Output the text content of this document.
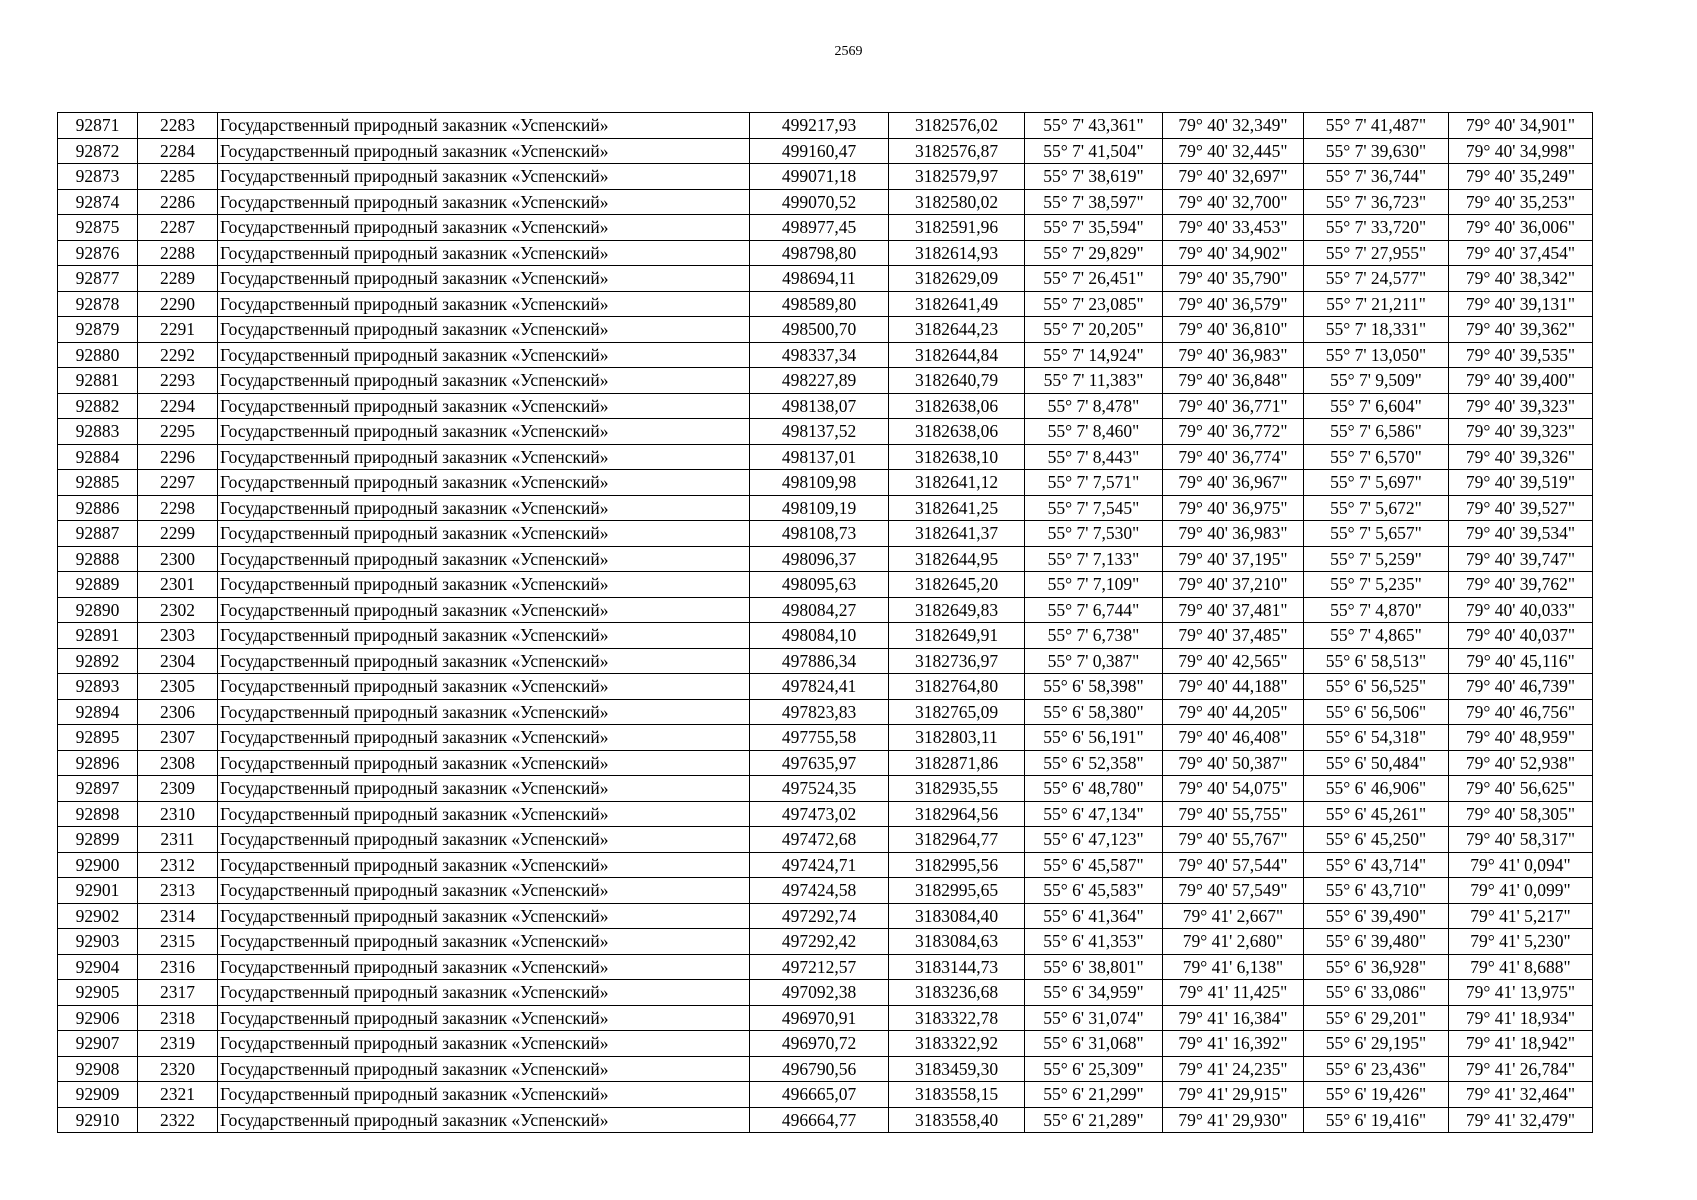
2569
92871	2283	Государственный природный заказник «Успенский»	499217,93	3182576,02	55° 7' 43,361"	79° 40' 32,349"	55° 7' 41,487"	79° 40' 34,901"
92872	2284	Государственный природный заказник «Успенский»	499160,47	3182576,87	55° 7' 41,504"	79° 40' 32,445"	55° 7' 39,630"	79° 40' 34,998"
92873	2285	Государственный природный заказник «Успенский»	499071,18	3182579,97	55° 7' 38,619"	79° 40' 32,697"	55° 7' 36,744"	79° 40' 35,249"
92874	2286	Государственный природный заказник «Успенский»	499070,52	3182580,02	55° 7' 38,597"	79° 40' 32,700"	55° 7' 36,723"	79° 40' 35,253"
92875	2287	Государственный природный заказник «Успенский»	498977,45	3182591,96	55° 7' 35,594"	79° 40' 33,453"	55° 7' 33,720"	79° 40' 36,006"
92876	2288	Государственный природный заказник «Успенский»	498798,80	3182614,93	55° 7' 29,829"	79° 40' 34,902"	55° 7' 27,955"	79° 40' 37,454"
92877	2289	Государственный природный заказник «Успенский»	498694,11	3182629,09	55° 7' 26,451"	79° 40' 35,790"	55° 7' 24,577"	79° 40' 38,342"
92878	2290	Государственный природный заказник «Успенский»	498589,80	3182641,49	55° 7' 23,085"	79° 40' 36,579"	55° 7' 21,211"	79° 40' 39,131"
92879	2291	Государственный природный заказник «Успенский»	498500,70	3182644,23	55° 7' 20,205"	79° 40' 36,810"	55° 7' 18,331"	79° 40' 39,362"
92880	2292	Государственный природный заказник «Успенский»	498337,34	3182644,84	55° 7' 14,924"	79° 40' 36,983"	55° 7' 13,050"	79° 40' 39,535"
92881	2293	Государственный природный заказник «Успенский»	498227,89	3182640,79	55° 7' 11,383"	79° 40' 36,848"	55° 7' 9,509"	79° 40' 39,400"
92882	2294	Государственный природный заказник «Успенский»	498138,07	3182638,06	55° 7' 8,478"	79° 40' 36,771"	55° 7' 6,604"	79° 40' 39,323"
92883	2295	Государственный природный заказник «Успенский»	498137,52	3182638,06	55° 7' 8,460"	79° 40' 36,772"	55° 7' 6,586"	79° 40' 39,323"
92884	2296	Государственный природный заказник «Успенский»	498137,01	3182638,10	55° 7' 8,443"	79° 40' 36,774"	55° 7' 6,570"	79° 40' 39,326"
92885	2297	Государственный природный заказник «Успенский»	498109,98	3182641,12	55° 7' 7,571"	79° 40' 36,967"	55° 7' 5,697"	79° 40' 39,519"
92886	2298	Государственный природный заказник «Успенский»	498109,19	3182641,25	55° 7' 7,545"	79° 40' 36,975"	55° 7' 5,672"	79° 40' 39,527"
92887	2299	Государственный природный заказник «Успенский»	498108,73	3182641,37	55° 7' 7,530"	79° 40' 36,983"	55° 7' 5,657"	79° 40' 39,534"
92888	2300	Государственный природный заказник «Успенский»	498096,37	3182644,95	55° 7' 7,133"	79° 40' 37,195"	55° 7' 5,259"	79° 40' 39,747"
92889	2301	Государственный природный заказник «Успенский»	498095,63	3182645,20	55° 7' 7,109"	79° 40' 37,210"	55° 7' 5,235"	79° 40' 39,762"
92890	2302	Государственный природный заказник «Успенский»	498084,27	3182649,83	55° 7' 6,744"	79° 40' 37,481"	55° 7' 4,870"	79° 40' 40,033"
92891	2303	Государственный природный заказник «Успенский»	498084,10	3182649,91	55° 7' 6,738"	79° 40' 37,485"	55° 7' 4,865"	79° 40' 40,037"
92892	2304	Государственный природный заказник «Успенский»	497886,34	3182736,97	55° 7' 0,387"	79° 40' 42,565"	55° 6' 58,513"	79° 40' 45,116"
92893	2305	Государственный природный заказник «Успенский»	497824,41	3182764,80	55° 6' 58,398"	79° 40' 44,188"	55° 6' 56,525"	79° 40' 46,739"
92894	2306	Государственный природный заказник «Успенский»	497823,83	3182765,09	55° 6' 58,380"	79° 40' 44,205"	55° 6' 56,506"	79° 40' 46,756"
92895	2307	Государственный природный заказник «Успенский»	497755,58	3182803,11	55° 6' 56,191"	79° 40' 46,408"	55° 6' 54,318"	79° 40' 48,959"
92896	2308	Государственный природный заказник «Успенский»	497635,97	3182871,86	55° 6' 52,358"	79° 40' 50,387"	55° 6' 50,484"	79° 40' 52,938"
92897	2309	Государственный природный заказник «Успенский»	497524,35	3182935,55	55° 6' 48,780"	79° 40' 54,075"	55° 6' 46,906"	79° 40' 56,625"
92898	2310	Государственный природный заказник «Успенский»	497473,02	3182964,56	55° 6' 47,134"	79° 40' 55,755"	55° 6' 45,261"	79° 40' 58,305"
92899	2311	Государственный природный заказник «Успенский»	497472,68	3182964,77	55° 6' 47,123"	79° 40' 55,767"	55° 6' 45,250"	79° 40' 58,317"
92900	2312	Государственный природный заказник «Успенский»	497424,71	3182995,56	55° 6' 45,587"	79° 40' 57,544"	55° 6' 43,714"	79° 41' 0,094"
92901	2313	Государственный природный заказник «Успенский»	497424,58	3182995,65	55° 6' 45,583"	79° 40' 57,549"	55° 6' 43,710"	79° 41' 0,099"
92902	2314	Государственный природный заказник «Успенский»	497292,74	3183084,40	55° 6' 41,364"	79° 41' 2,667"	55° 6' 39,490"	79° 41' 5,217"
92903	2315	Государственный природный заказник «Успенский»	497292,42	3183084,63	55° 6' 41,353"	79° 41' 2,680"	55° 6' 39,480"	79° 41' 5,230"
92904	2316	Государственный природный заказник «Успенский»	497212,57	3183144,73	55° 6' 38,801"	79° 41' 6,138"	55° 6' 36,928"	79° 41' 8,688"
92905	2317	Государственный природный заказник «Успенский»	497092,38	3183236,68	55° 6' 34,959"	79° 41' 11,425"	55° 6' 33,086"	79° 41' 13,975"
92906	2318	Государственный природный заказник «Успенский»	496970,91	3183322,78	55° 6' 31,074"	79° 41' 16,384"	55° 6' 29,201"	79° 41' 18,934"
92907	2319	Государственный природный заказник «Успенский»	496970,72	3183322,92	55° 6' 31,068"	79° 41' 16,392"	55° 6' 29,195"	79° 41' 18,942"
92908	2320	Государственный природный заказник «Успенский»	496790,56	3183459,30	55° 6' 25,309"	79° 41' 24,235"	55° 6' 23,436"	79° 41' 26,784"
92909	2321	Государственный природный заказник «Успенский»	496665,07	3183558,15	55° 6' 21,299"	79° 41' 29,915"	55° 6' 19,426"	79° 41' 32,464"
92910	2322	Государственный природный заказник «Успенский»	496664,77	3183558,40	55° 6' 21,289"	79° 41' 29,930"	55° 6' 19,416"	79° 41' 32,479"
